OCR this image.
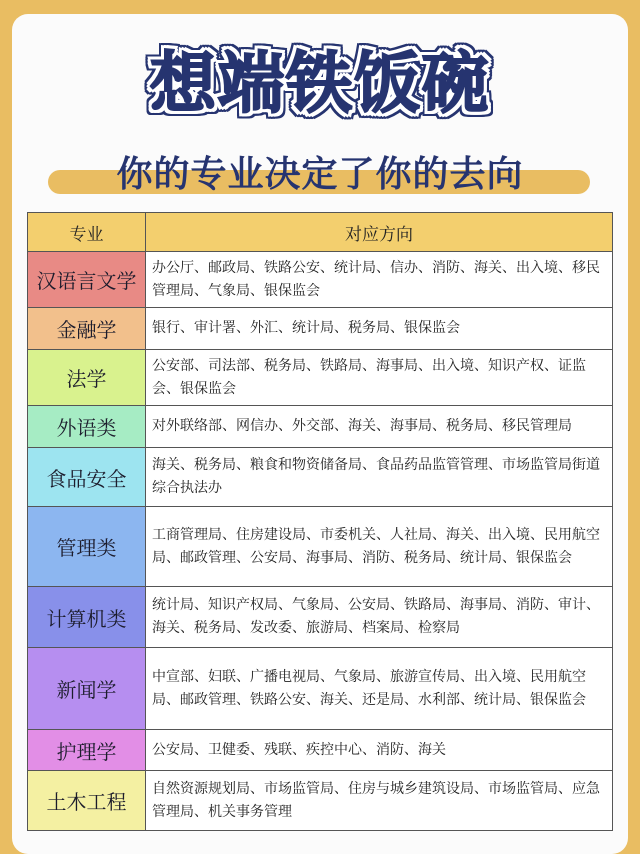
想端铁饭碗
你的专业决定了你的去向
专业	对应方向
汉语言文学	办公厅、邮政局、铁路公安、统计局、信办、消防、海关、出入境、移民管理局、气象局、银保监会
金融学	银行、审计署、外汇、统计局、税务局、银保监会
法学	公安部、司法部、税务局、铁路局、海事局、出入境、知识产权、证监会、银保监会
外语类	对外联络部、网信办、外交部、海关、海事局、税务局、移民管理局
食品安全	海关、税务局、粮食和物资储备局、食品药品监管管理、市场监管局街道综合执法办
管理类	工商管理局、住房建设局、市委机关、人社局、海关、出入境、民用航空局、邮政管理、公安局、海事局、消防、税务局、统计局、银保监会
计算机类	统计局、知识产权局、气象局、公安局、铁路局、海事局、消防、审计、海关、税务局、发改委、旅游局、档案局、检察局
新闻学	中宣部、妇联、广播电视局、气象局、旅游宣传局、出入境、民用航空局、邮政管理、铁路公安、海关、还是局、水利部、统计局、银保监会
护理学	公安局、卫健委、残联、疾控中心、消防、海关
土木工程	自然资源规划局、市场监管局、住房与城乡建筑设局、市场监管局、应急管理局、机关事务管理
